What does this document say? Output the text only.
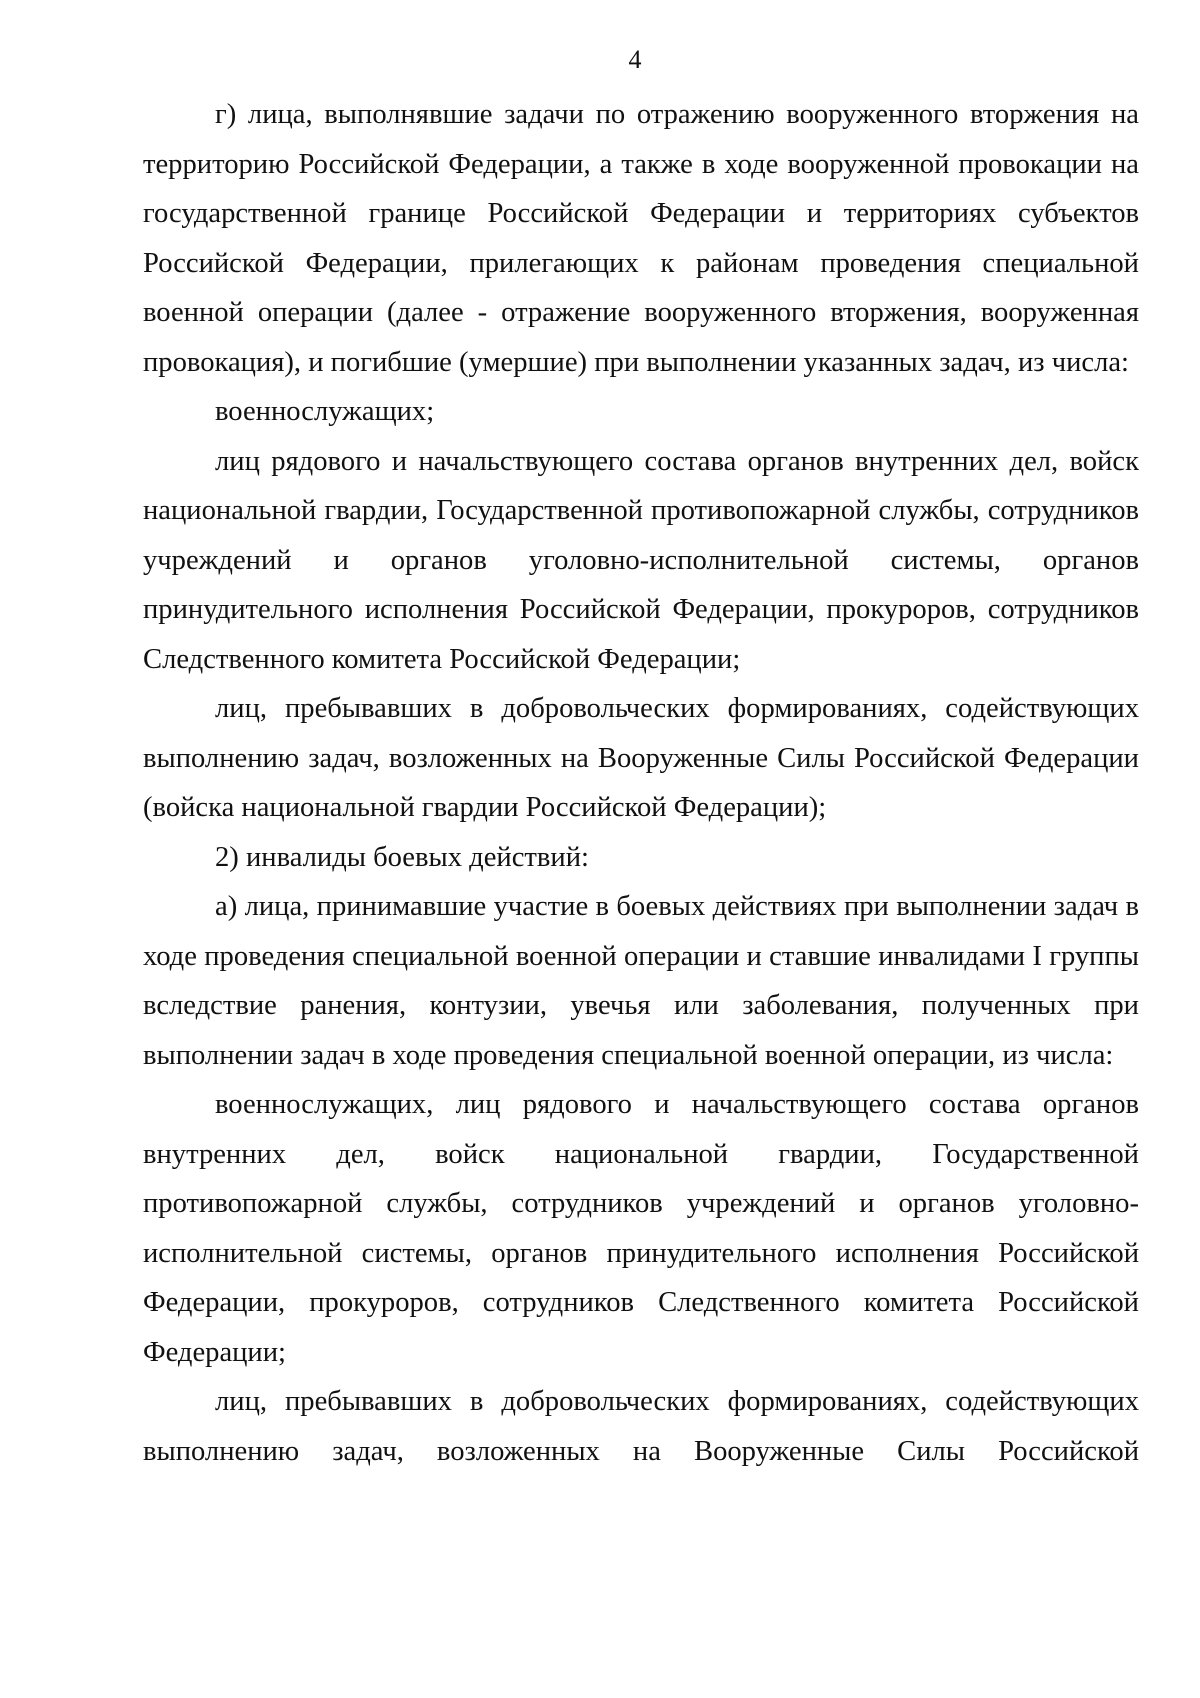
4

г) лица, выполнявшие задачи по отражению вооруженного вторжения на территорию Российской Федерации, а также в ходе вооруженной провокации на государственной границе Российской Федерации и территориях субъектов Российской Федерации, прилегающих к районам проведения специальной военной операции (далее - отражение вооруженного вторжения, вооруженная провокация), и погибшие (умершие) при выполнении указанных задач, из числа:

военнослужащих;

лиц рядового и начальствующего состава органов внутренних дел, войск национальной гвардии, Государственной противопожарной службы, сотрудников учреждений и органов уголовно-исполнительной системы, органов принудительного исполнения Российской Федерации, прокуроров, сотрудников Следственного комитета Российской Федерации;

лиц, пребывавших в добровольческих формированиях, содействующих выполнению задач, возложенных на Вооруженные Силы Российской Федерации (войска национальной гвардии Российской Федерации);

2) инвалиды боевых действий:

а) лица, принимавшие участие в боевых действиях при выполнении задач в ходе проведения специальной военной операции и ставшие инвалидами I группы вследствие ранения, контузии, увечья или заболевания, полученных при выполнении задач в ходе проведения специальной военной операции, из числа:

военнослужащих, лиц рядового и начальствующего состава органов внутренних дел, войск национальной гвардии, Государственной противопожарной службы, сотрудников учреждений и органов уголовно-исполнительной системы, органов принудительного исполнения Российской Федерации, прокуроров, сотрудников Следственного комитета Российской Федерации;

лиц, пребывавших в добровольческих формированиях, содействующих выполнению задач, возложенных на Вооруженные Силы Российской
